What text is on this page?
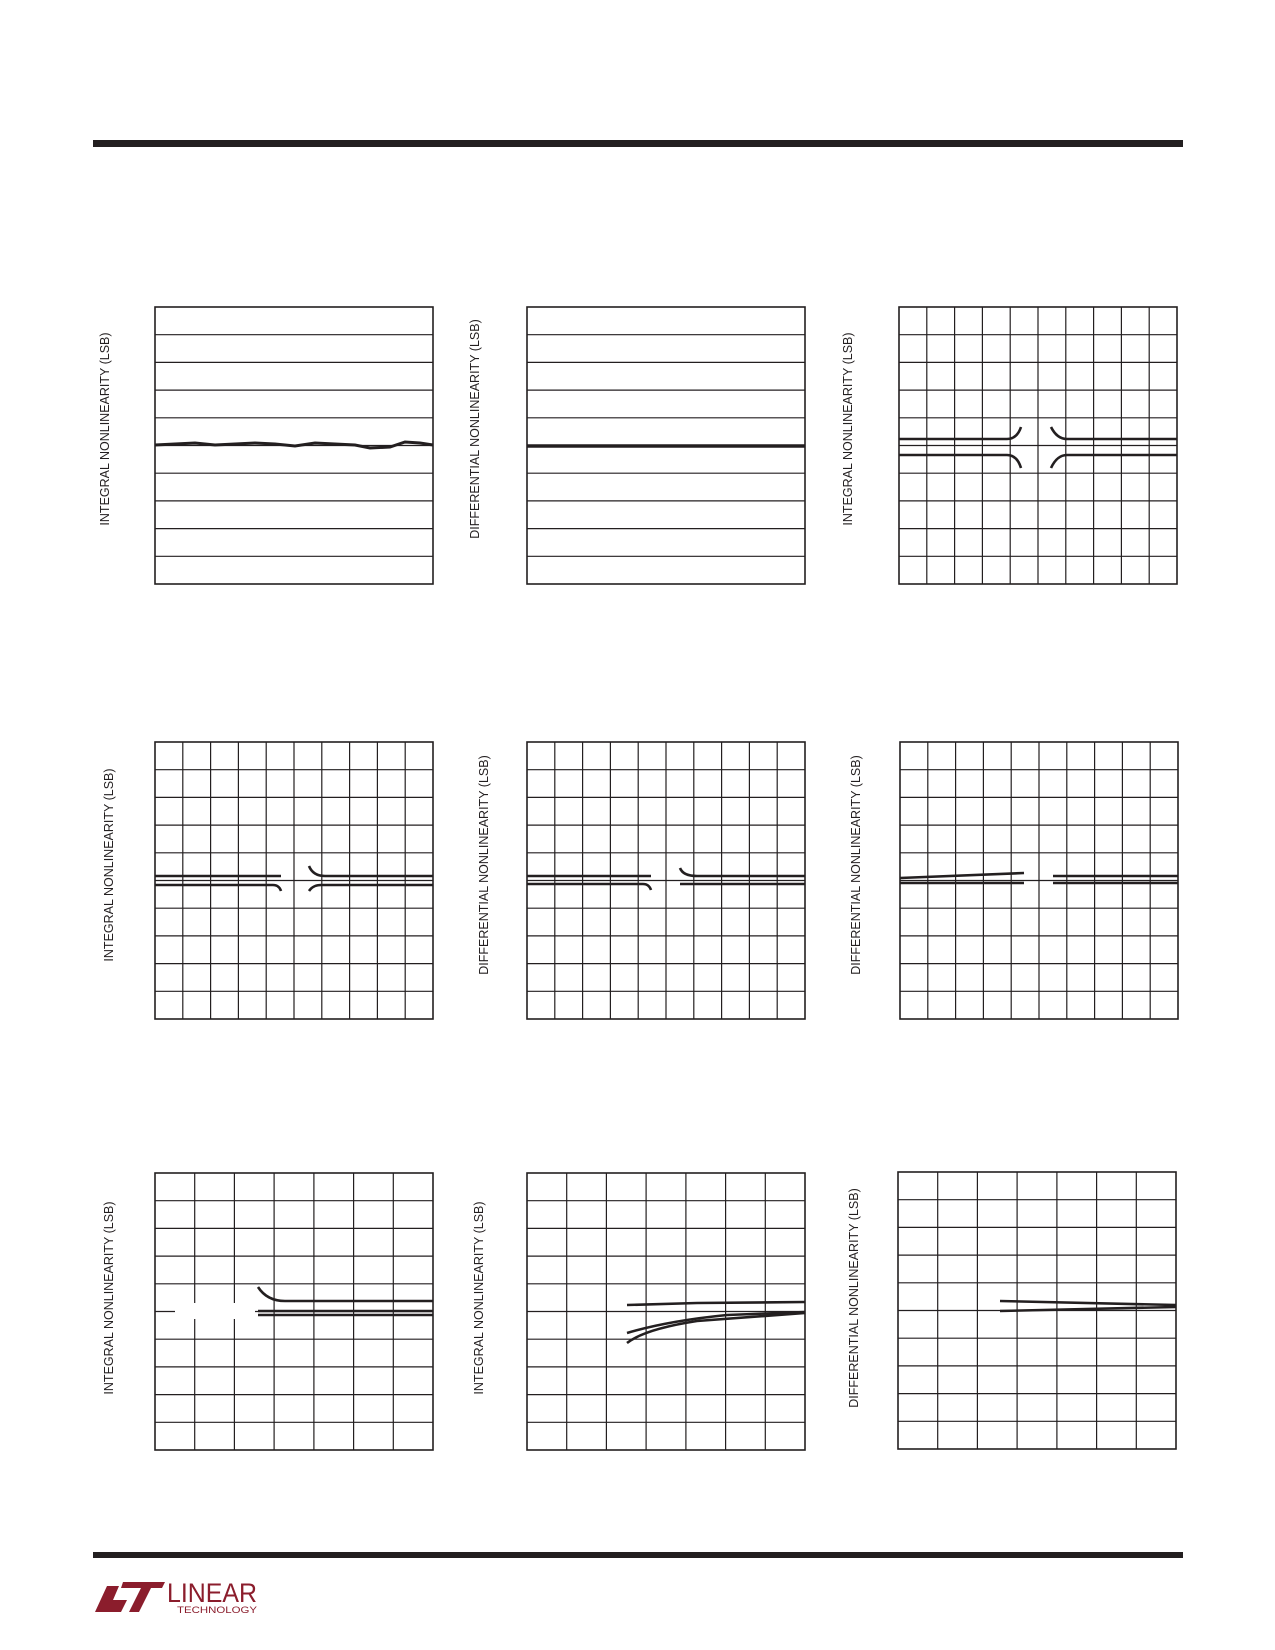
INTEGRAL NONLINEARITY (LSB)	DIFFERENTIAL NONLINEARITY (LSB)	INTEGRAL NONLINEARITY (LSB)
INTEGRAL NONLINEARITY (LSB)	DIFFERENTIAL NONLINEARITY (LSB)	DIFFERENTIAL NONLINEARITY (LSB)
INTEGRAL NONLINEARITY (LSB)	INTEGRAL NONLINEARITY (LSB)	DIFFERENTIAL NONLINEARITY (LSB)
LINEAR
TECHNOLOGY
